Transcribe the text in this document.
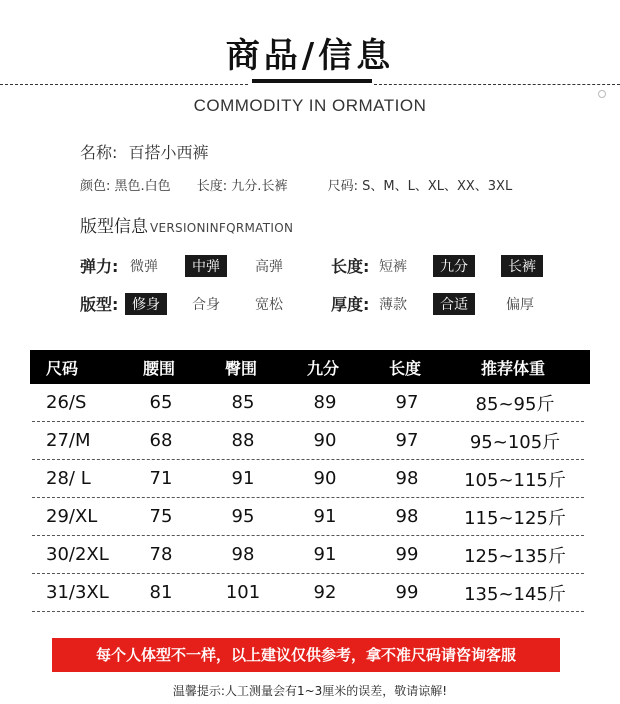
商品/信息
COMMODITY IN ORMATION
名称: 百搭小西裤
颜色: 黑色.白色 长度: 九分.长裤	尺码: S、M、L、XL、XX、3XL
版型信息 VERSIONINFQRMATION
弹力: 微弹	中弹	高弹	长度: 短裤	九分	长裤
版型: 修身	合身	宽松	厚度: 薄款	合适	偏厚
尺码	腰围	臀围	九分	长度	推荐体重
26/S	65	85	89	97	85~95斤
27/M	68	88	90	97	95~105斤
28/ L	71	91	90	98	105~115斤
29/XL	75	95	91	98	115~125斤
30/2XL	78	98	91	99	125~135斤
31/3XL	81	101	92	99	135~145斤
每个人体型不一样，以上建议仅供参考，拿不准尺码请咨询客服
温馨提示:人工测量会有1~3厘米的误差，敬请谅解!
